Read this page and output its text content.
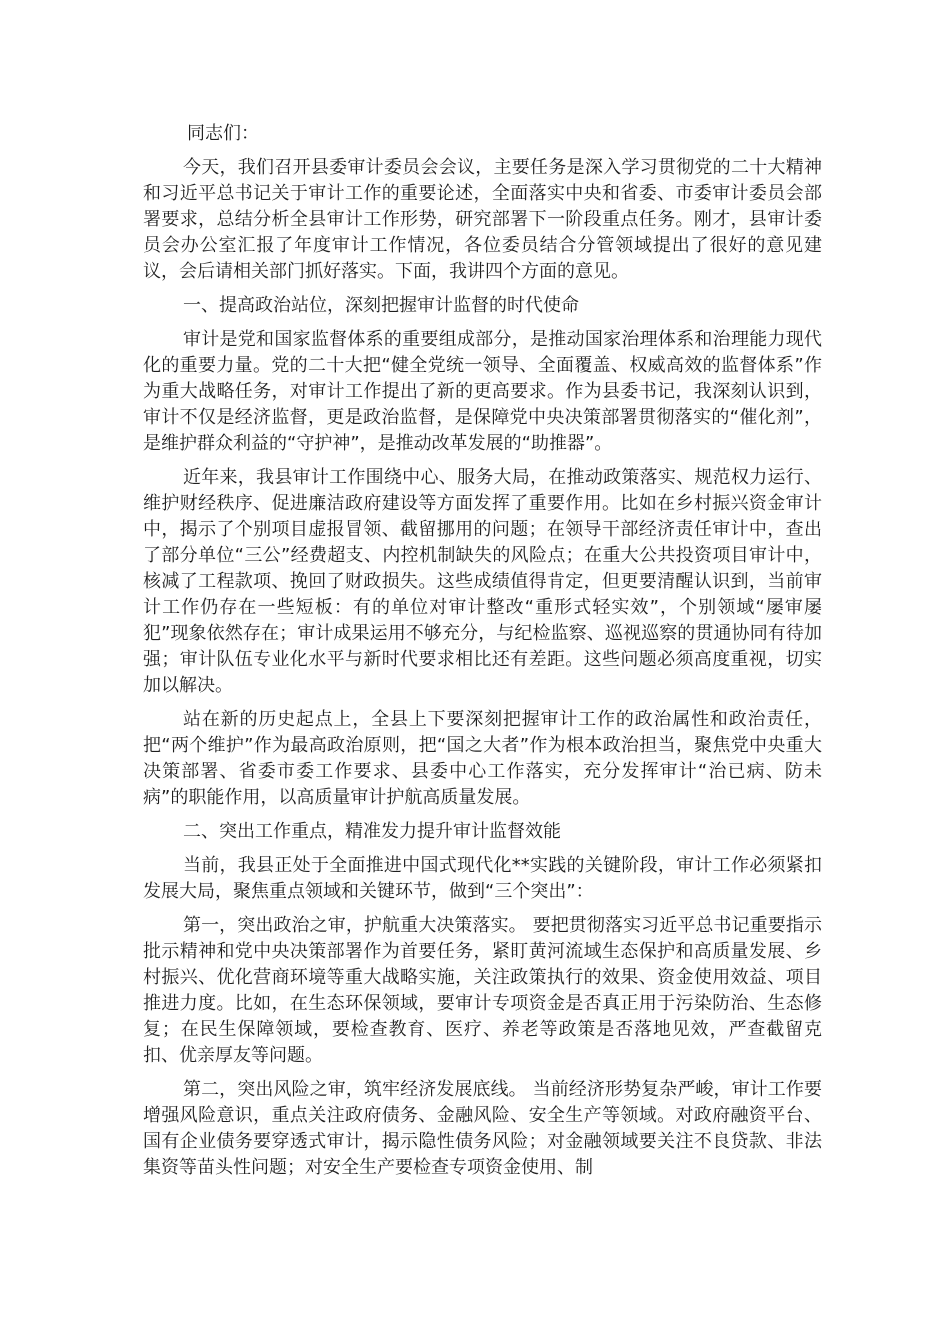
同志们：

今天，我们召开县委审计委员会会议，主要任务是深入学习贯彻党的二十大精神和习近平总书记关于审计工作的重要论述，全面落实中央和省委、市委审计委员会部署要求，总结分析全县审计工作形势，研究部署下一阶段重点任务。刚才，县审计委员会办公室汇报了年度审计工作情况，各位委员结合分管领域提出了很好的意见建议，会后请相关部门抓好落实。下面，我讲四个方面的意见。

一、提高政治站位，深刻把握审计监督的时代使命

审计是党和国家监督体系的重要组成部分，是推动国家治理体系和治理能力现代化的重要力量。党的二十大把“健全党统一领导、全面覆盖、权威高效的监督体系”作为重大战略任务，对审计工作提出了新的更高要求。作为县委书记，我深刻认识到，审计不仅是经济监督，更是政治监督，是保障党中央决策部署贯彻落实的“催化剂”，是维护群众利益的“守护神”，是推动改革发展的“助推器”。

近年来，我县审计工作围绕中心、服务大局，在推动政策落实、规范权力运行、维护财经秩序、促进廉洁政府建设等方面发挥了重要作用。比如在乡村振兴资金审计中，揭示了个别项目虚报冒领、截留挪用的问题；在领导干部经济责任审计中，查出了部分单位“三公”经费超支、内控机制缺失的风险点；在重大公共投资项目审计中，核减了工程款项、挽回了财政损失。这些成绩值得肯定，但更要清醒认识到，当前审计工作仍存在一些短板：有的单位对审计整改“重形式轻实效”，个别领域“屡审屡犯”现象依然存在；审计成果运用不够充分，与纪检监察、巡视巡察的贯通协同有待加强；审计队伍专业化水平与新时代要求相比还有差距。这些问题必须高度重视，切实加以解决。

站在新的历史起点上，全县上下要深刻把握审计工作的政治属性和政治责任，把“两个维护”作为最高政治原则，把“国之大者”作为根本政治担当，聚焦党中央重大决策部署、省委市委工作要求、县委中心工作落实，充分发挥审计“治已病、防未病”的职能作用，以高质量审计护航高质量发展。

二、突出工作重点，精准发力提升审计监督效能

当前，我县正处于全面推进中国式现代化**实践的关键阶段，审计工作必须紧扣发展大局，聚焦重点领域和关键环节，做到“三个突出”：

第一，突出政治之审，护航重大决策落实。 要把贯彻落实习近平总书记重要指示批示精神和党中央决策部署作为首要任务，紧盯黄河流域生态保护和高质量发展、乡村振兴、优化营商环境等重大战略实施，关注政策执行的效果、资金使用效益、项目推进力度。比如，在生态环保领域，要审计专项资金是否真正用于污染防治、生态修复；在民生保障领域，要检查教育、医疗、养老等政策是否落地见效，严查截留克扣、优亲厚友等问题。

第二，突出风险之审，筑牢经济发展底线。 当前经济形势复杂严峻，审计工作要增强风险意识，重点关注政府债务、金融风险、安全生产等领域。对政府融资平台、国有企业债务要穿透式审计，揭示隐性债务风险；对金融领域要关注不良贷款、非法集资等苗头性问题；对安全生产要检查专项资金使用、制
